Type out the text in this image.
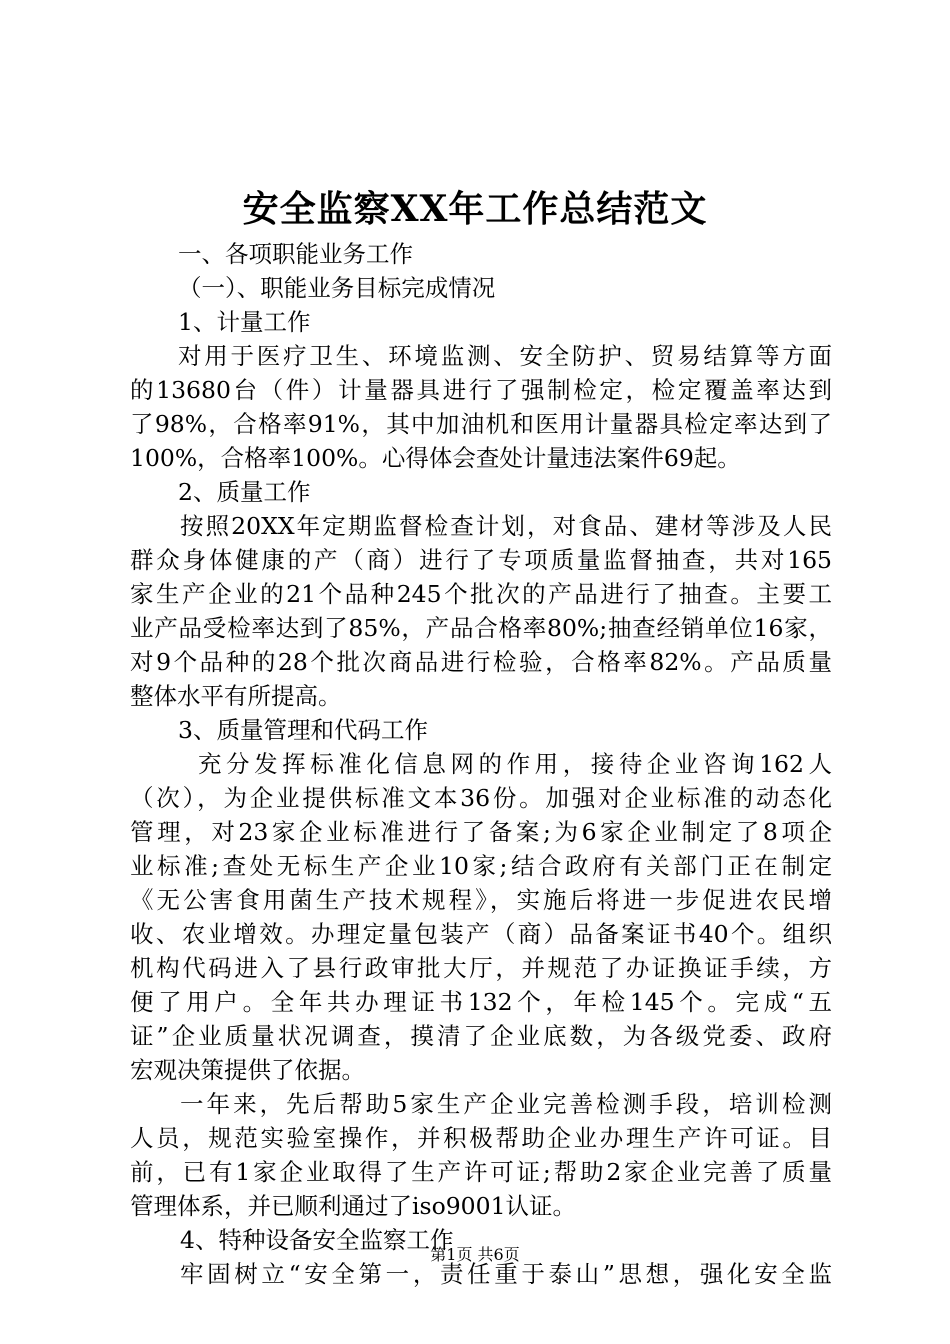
安全监察XX年工作总结范文
一、各项职能业务工作
（一）、职能业务目标完成情况
1、计量工作
对用于医疗卫生、环境监测、安全防护、贸易结算等方面
的13680台（件）计量器具进行了强制检定，检定覆盖率达到
了98%，合格率91%，其中加油机和医用计量器具检定率达到了
100%，合格率100%。心得体会查处计量违法案件69起。
2、质量工作
按照20XX年定期监督检查计划，对食品、建材等涉及人民
群众身体健康的产（商）进行了专项质量监督抽查，共对165
家生产企业的21个品种245个批次的产品进行了抽查。主要工
业产品受检率达到了85%，产品合格率80%;抽查经销单位16家，
对9个品种的28个批次商品进行检验，合格率82%。产品质量
整体水平有所提高。
3、质量管理和代码工作
充分发挥标准化信息网的作用，接待企业咨询162人
（次），为企业提供标准文本36份。加强对企业标准的动态化
管理，对23家企业标准进行了备案;为6家企业制定了8项企
业标准;查处无标生产企业10家;结合政府有关部门正在制定
《无公害食用菌生产技术规程》，实施后将进一步促进农民增
收、农业增效。办理定量包装产（商）品备案证书40个。组织
机构代码进入了县行政审批大厅，并规范了办证换证手续，方
便了用户。全年共办理证书132个，年检145个。完成“五
证”企业质量状况调查，摸清了企业底数，为各级党委、政府
宏观决策提供了依据。
一年来，先后帮助5家生产企业完善检测手段，培训检测
人员，规范实验室操作，并积极帮助企业办理生产许可证。目
前，已有1家企业取得了生产许可证;帮助2家企业完善了质量
管理体系，并已顺利通过了iso9001认证。
4、特种设备安全监察工作
牢固树立“安全第一，责任重于泰山”思想，强化安全监
第1页 共6页
